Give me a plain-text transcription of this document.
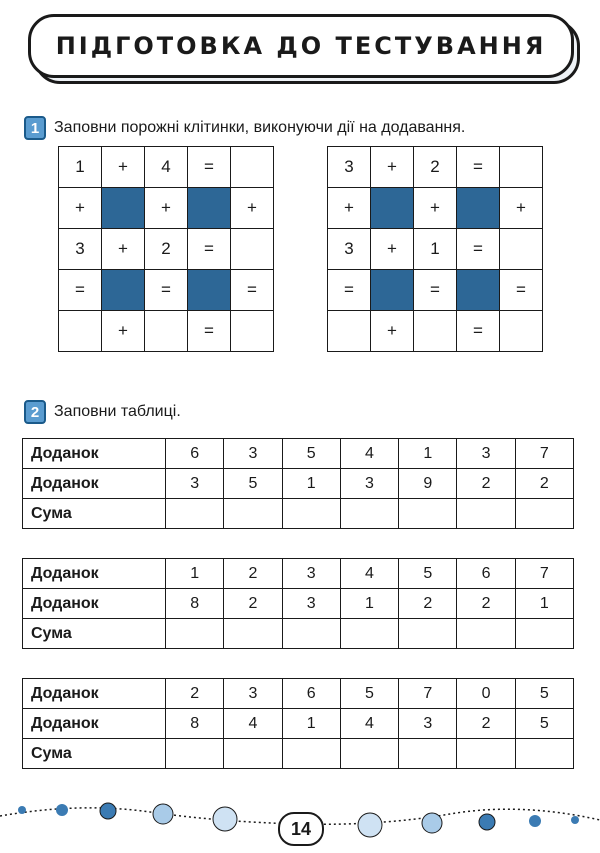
ПІДГОТОВКА ДО ТЕСТУВАННЯ
1 Заповни порожні клітинки, виконуючи дії на додавання.
1	+	4	=	
+		+		+
3	+	2	=	
=		=		=
	+		=	
3	+	2	=	
+		+		+
3	+	1	=	
=		=		=
	+		=	
2 Заповни таблиці.
Доданок	6	3	5	4	1	3	7
Доданок	3	5	1	3	9	2	2
Сума							
Доданок	1	2	3	4	5	6	7
Доданок	8	2	3	1	2	2	1
Сума							
Доданок	2	3	6	5	7	0	5
Доданок	8	4	1	4	3	2	5
Сума							
14
